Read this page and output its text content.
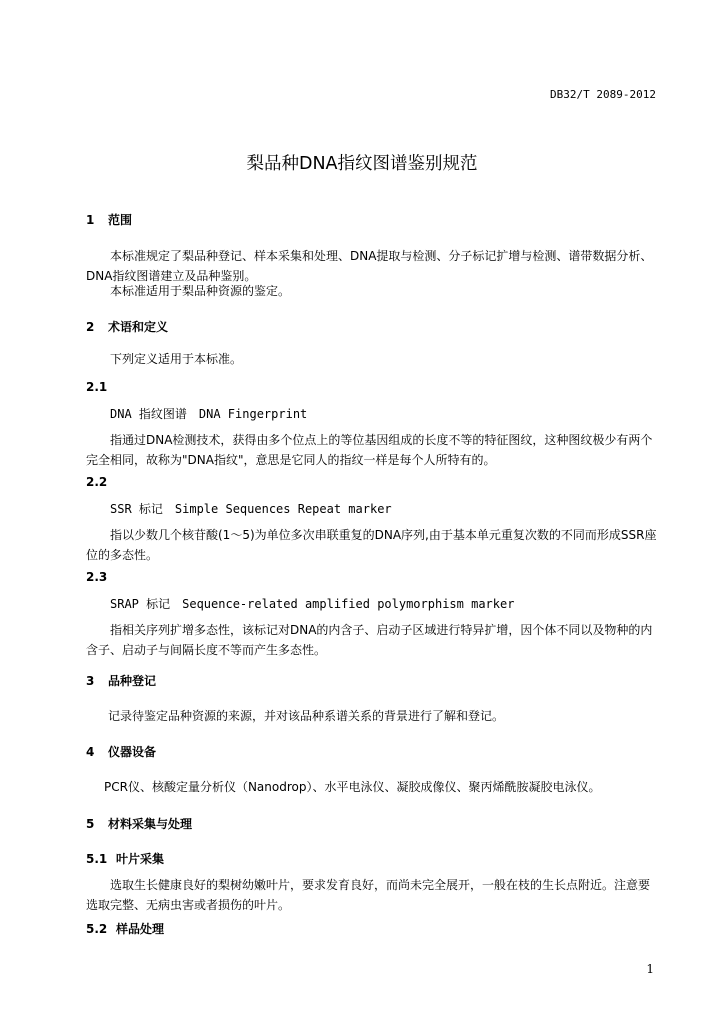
DB32/T 2089-2012
梨品种DNA指纹图谱鉴别规范
1 范围
本标准规定了梨品种登记、样本采集和处理、DNA提取与检测、分子标记扩增与检测、谱带数据分析、DNA指纹图谱建立及品种鉴别。
本标准适用于梨品种资源的鉴定。
2 术语和定义
下列定义适用于本标准。
2.1
DNA 指纹图谱　DNA Fingerprint
指通过DNA检测技术，获得由多个位点上的等位基因组成的长度不等的特征图纹，这种图纹极少有两个完全相同，故称为"DNA指纹"，意思是它同人的指纹一样是每个人所特有的。
2.2
SSR 标记　Simple Sequences Repeat marker
指以少数几个核苷酸(1～5)为单位多次串联重复的DNA序列,由于基本单元重复次数的不同而形成SSR座位的多态性。
2.3
SRAP 标记　Sequence-related amplified polymorphism marker
指相关序列扩增多态性，该标记对DNA的内含子、启动子区域进行特异扩增，因个体不同以及物种的内含子、启动子与间隔长度不等而产生多态性。
3 品种登记
记录待鉴定品种资源的来源，并对该品种系谱关系的背景进行了解和登记。
4 仪器设备
PCR仪、核酸定量分析仪（Nanodrop）、水平电泳仪、凝胶成像仪、聚丙烯酰胺凝胶电泳仪。
5 材料采集与处理
5.1 叶片采集
选取生长健康良好的梨树幼嫩叶片，要求发育良好，而尚未完全展开，一般在枝的生长点附近。注意要选取完整、无病虫害或者损伤的叶片。
5.2 样品处理
1
